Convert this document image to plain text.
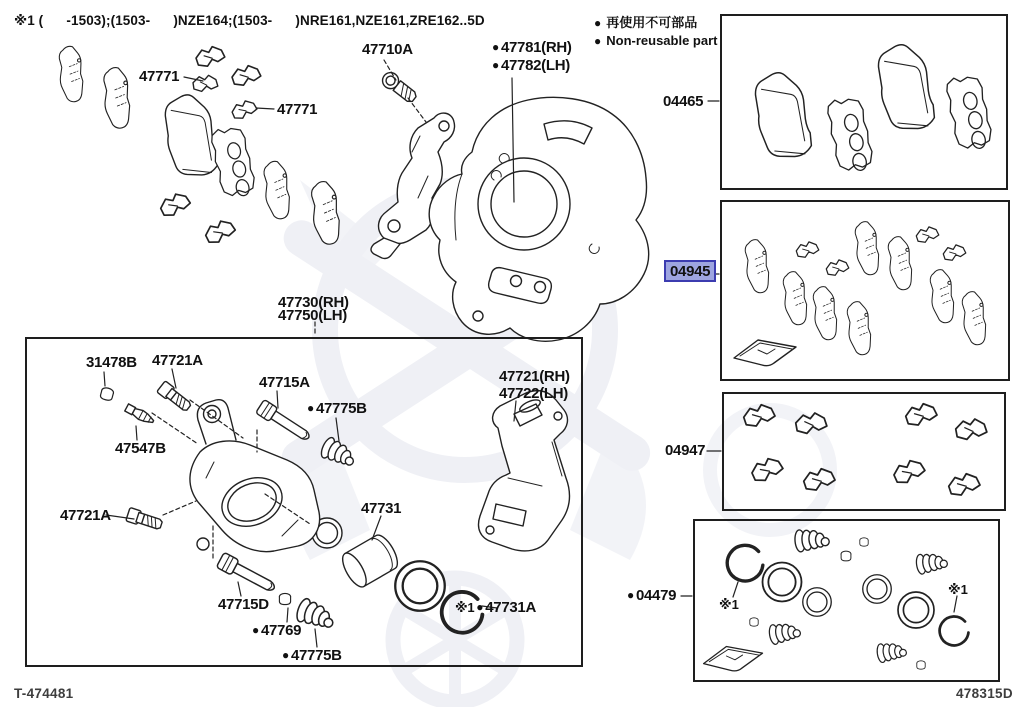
※1 (      -1503);(1503-      )NZE164;(1503-      )NRE161,NZE161,ZRE162..5D	● 再使用不可部品
● Non-reusable part
47771
47771
47710A	● 47781(RH)
● 47782(LH)
47730(RH)
47750(LH)
31478B 47721A
47715A
● 47775B
47547B
47721A	47731
47721(RH)
47722(LH)
47715D
● 47769
● 47775B
※1 ● 47731A
04465
04945
04947
● 04479
※1
※1
T-474481	478315D
